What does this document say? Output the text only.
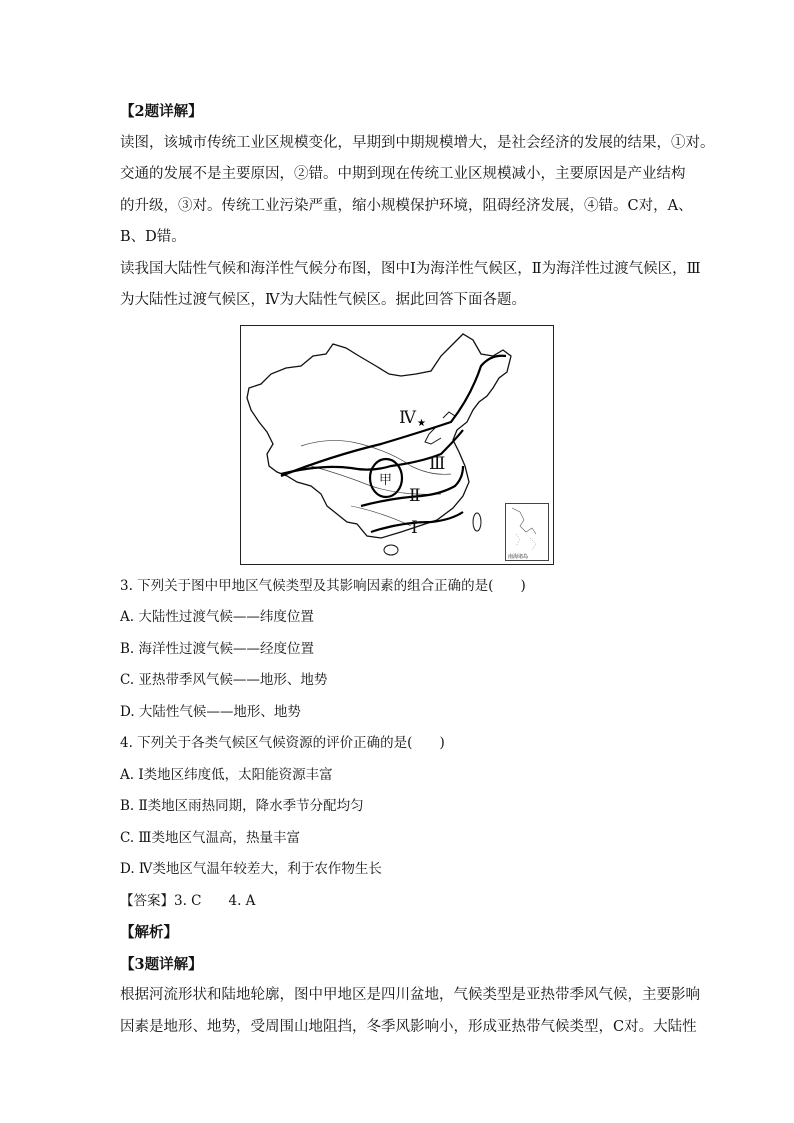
【2题详解】
读图，该城市传统工业区规模变化，早期到中期规模增大，是社会经济的发展的结果，①对。
交通的发展不是主要原因，②错。中期到现在传统工业区规模减小，主要原因是产业结构
的升级，③对。传统工业污染严重，缩小规模保护环境，阻碍经济发展，④错。C对，A、
B、D错。
读我国大陆性气候和海洋性气候分布图，图中Ⅰ为海洋性气候区，Ⅱ为海洋性过渡气候区，Ⅲ
为大陆性过渡气候区，Ⅳ为大陆性气候区。据此回答下面各题。
★
Ⅳ
Ⅲ
Ⅱ
Ⅰ
甲
南海诸岛
3. 下列关于图中甲地区气候类型及其影响因素的组合正确的是(　　)
A. 大陆性过渡气候——纬度位置
B. 海洋性过渡气候——经度位置
C. 亚热带季风气候——地形、地势
D. 大陆性气候——地形、地势
4. 下列关于各类气候区气候资源的评价正确的是(　　)
A. Ⅰ类地区纬度低，太阳能资源丰富
B. Ⅱ类地区雨热同期，降水季节分配均匀
C. Ⅲ类地区气温高，热量丰富
D. Ⅳ类地区气温年较差大，利于农作物生长
【答案】3. C　　4. A
【解析】
【3题详解】
根据河流形状和陆地轮廓，图中甲地区是四川盆地，气候类型是亚热带季风气候，主要影响
因素是地形、地势，受周围山地阻挡，冬季风影响小，形成亚热带气候类型，C对。大陆性
